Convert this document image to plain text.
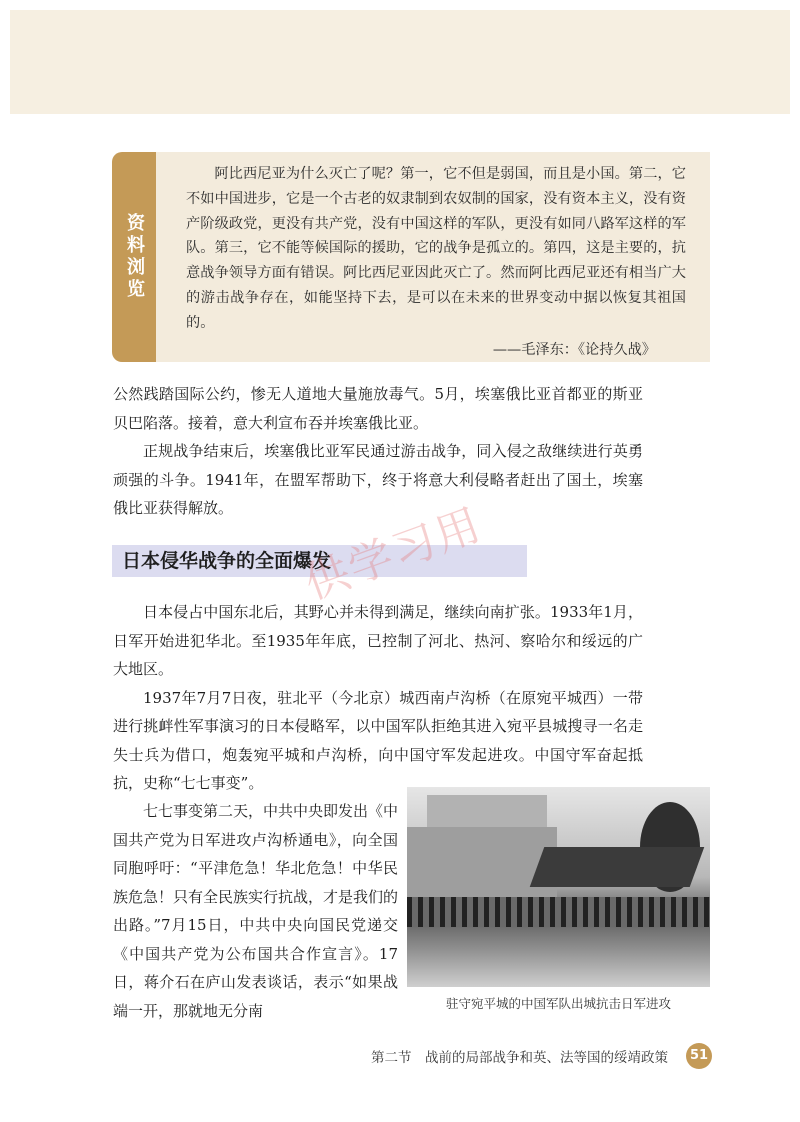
资料浏览

阿比西尼亚为什么灭亡了呢？第一，它不但是弱国，而且是小国。第二，它不如中国进步，它是一个古老的奴隶制到农奴制的国家，没有资本主义，没有资产阶级政党，更没有共产党，没有中国这样的军队，更没有如同八路军这样的军队。第三，它不能等候国际的援助，它的战争是孤立的。第四，这是主要的，抗意战争领导方面有错误。阿比西尼亚因此灭亡了。然而阿比西尼亚还有相当广大的游击战争存在，如能坚持下去，是可以在未来的世界变动中据以恢复其祖国的。

——毛泽东：《论持久战》

公然践踏国际公约，惨无人道地大量施放毒气。5月，埃塞俄比亚首都亚的斯亚贝巴陷落。接着，意大利宣布吞并埃塞俄比亚。

正规战争结束后，埃塞俄比亚军民通过游击战争，同入侵之敌继续进行英勇顽强的斗争。1941年，在盟军帮助下，终于将意大利侵略者赶出了国土，埃塞俄比亚获得解放。

日本侵华战争的全面爆发
供学习用

日本侵占中国东北后，其野心并未得到满足，继续向南扩张。1933年1月，日军开始进犯华北。至1935年年底，已控制了河北、热河、察哈尔和绥远的广大地区。

1937年7月7日夜，驻北平（今北京）城西南卢沟桥（在原宛平城西）一带进行挑衅性军事演习的日本侵略军，以中国军队拒绝其进入宛平县城搜寻一名走失士兵为借口，炮轰宛平城和卢沟桥，向中国守军发起进攻。中国守军奋起抵抗，史称“七七事变”。

七七事变第二天，中共中央即发出《中国共产党为日军进攻卢沟桥通电》，向全国同胞呼吁：“平津危急！华北危急！中华民族危急！只有全民族实行抗战，才是我们的出路。”7月15日，中共中央向国民党递交《中国共产党为公布国共合作宣言》。17日，蒋介石在庐山发表谈话，表示“如果战端一开，那就地无分南	驻守宛平城的中国军队出城抗击日军进攻
第二节　战前的局部战争和英、法等国的绥靖政策	51
